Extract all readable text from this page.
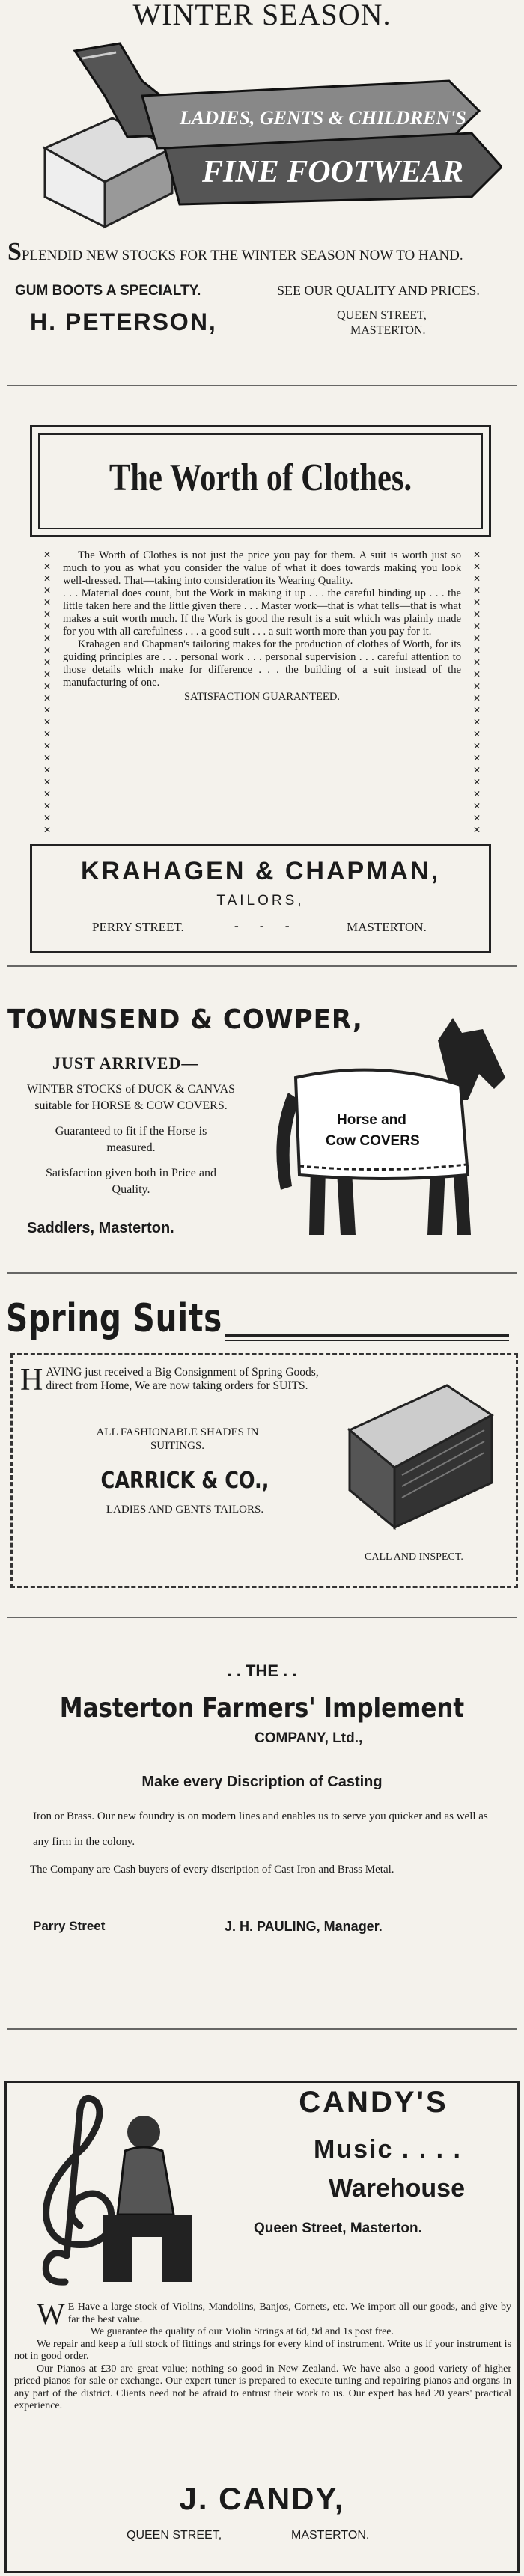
WINTER SEASON.
LADIES, GENTS & CHILDREN'S
FINE FOOTWEAR
SPLENDID NEW STOCKS FOR THE WINTER SEASON NOW TO HAND.
GUM BOOTS A SPECIALTY.	SEE OUR QUALITY AND PRICES.
H. PETERSON,	QUEEN STREET,
MASTERTON.
The Worth of Clothes.
✕
✕
✕
✕
✕
✕
✕
✕
✕
✕
✕
✕
✕
✕
✕
✕
✕
✕
✕
✕
✕
✕
✕
✕
✕
✕
✕
✕
✕
✕
✕
✕
✕
✕
✕
✕
✕
✕
✕
✕
✕
✕
✕
✕
✕
✕
✕
✕

The Worth of Clothes is not just the price you pay for them. A suit is worth just so much to you as what you consider the value of what it does towards making you look well-dressed. That—taking into consideration its Wearing Quality.

. . . Material does count, but the Work in making it up . . . the careful binding up . . . the little taken here and the little given there . . . Master work—that is what tells—that is what makes a suit worth much. If the Work is good the result is a suit which was plainly made for you with all carefulness . . . a good suit . . . a suit worth more than you pay for it.

Krahagen and Chapman's tailoring makes for the production of clothes of Worth, for its guiding principles are . . . personal work . . . personal supervision . . . careful attention to those details which make for difference . . . the building of a suit instead of the manufacturing of one.

SATISFACTION GUARANTEED.

KRAHAGEN & CHAPMAN,
TAILORS,
PERRY STREET.	- - -	MASTERTON.
TOWNSEND & COWPER,
JUST ARRIVED—
WINTER STOCKS of DUCK & CANVAS
suitable for HORSE & COW COVERS.
Guaranteed to fit if the Horse is measured.
Satisfaction given both in Price and Quality.
Saddlers, Masterton.
Horse and
Cow COVERS
Spring Suits
H AVING just received a Big Consignment of Spring Goods, direct from Home, We are now taking orders for SUITS.
ALL FASHIONABLE SHADES IN SUITINGS.
CARRICK & CO.,
LADIES AND GENTS TAILORS.
CALL AND INSPECT.
. . THE . .
Masterton Farmers' Implement
COMPANY, Ltd.,
Make every Discription of Casting
Iron or Brass. Our new foundry is on modern lines and enables us to serve you quicker and as well as any firm in the colony.
The Company are Cash buyers of every discription of Cast Iron and Brass Metal.
Parry Street	J. H. PAULING, Manager.
CANDY'S
Music . . . .
Warehouse
Queen Street, Masterton.
W E Have a large stock of Violins, Mandolins, Banjos, Cornets, etc. We import all our goods, and give by far the best value.
We guarantee the quality of our Violin Strings at 6d, 9d and 1s post free.
We repair and keep a full stock of fittings and strings for every kind of instrument. Write us if your instrument is not in good order.
Our Pianos at £30 are great value; nothing so good in New Zealand. We have also a good variety of higher priced pianos for sale or exchange. Our expert tuner is prepared to execute tuning and repairing pianos and organs in any part of the district. Clients need not be afraid to entrust their work to us. Our expert has had 20 years' practical experience.
J. CANDY,
QUEEN STREET,	MASTERTON.
